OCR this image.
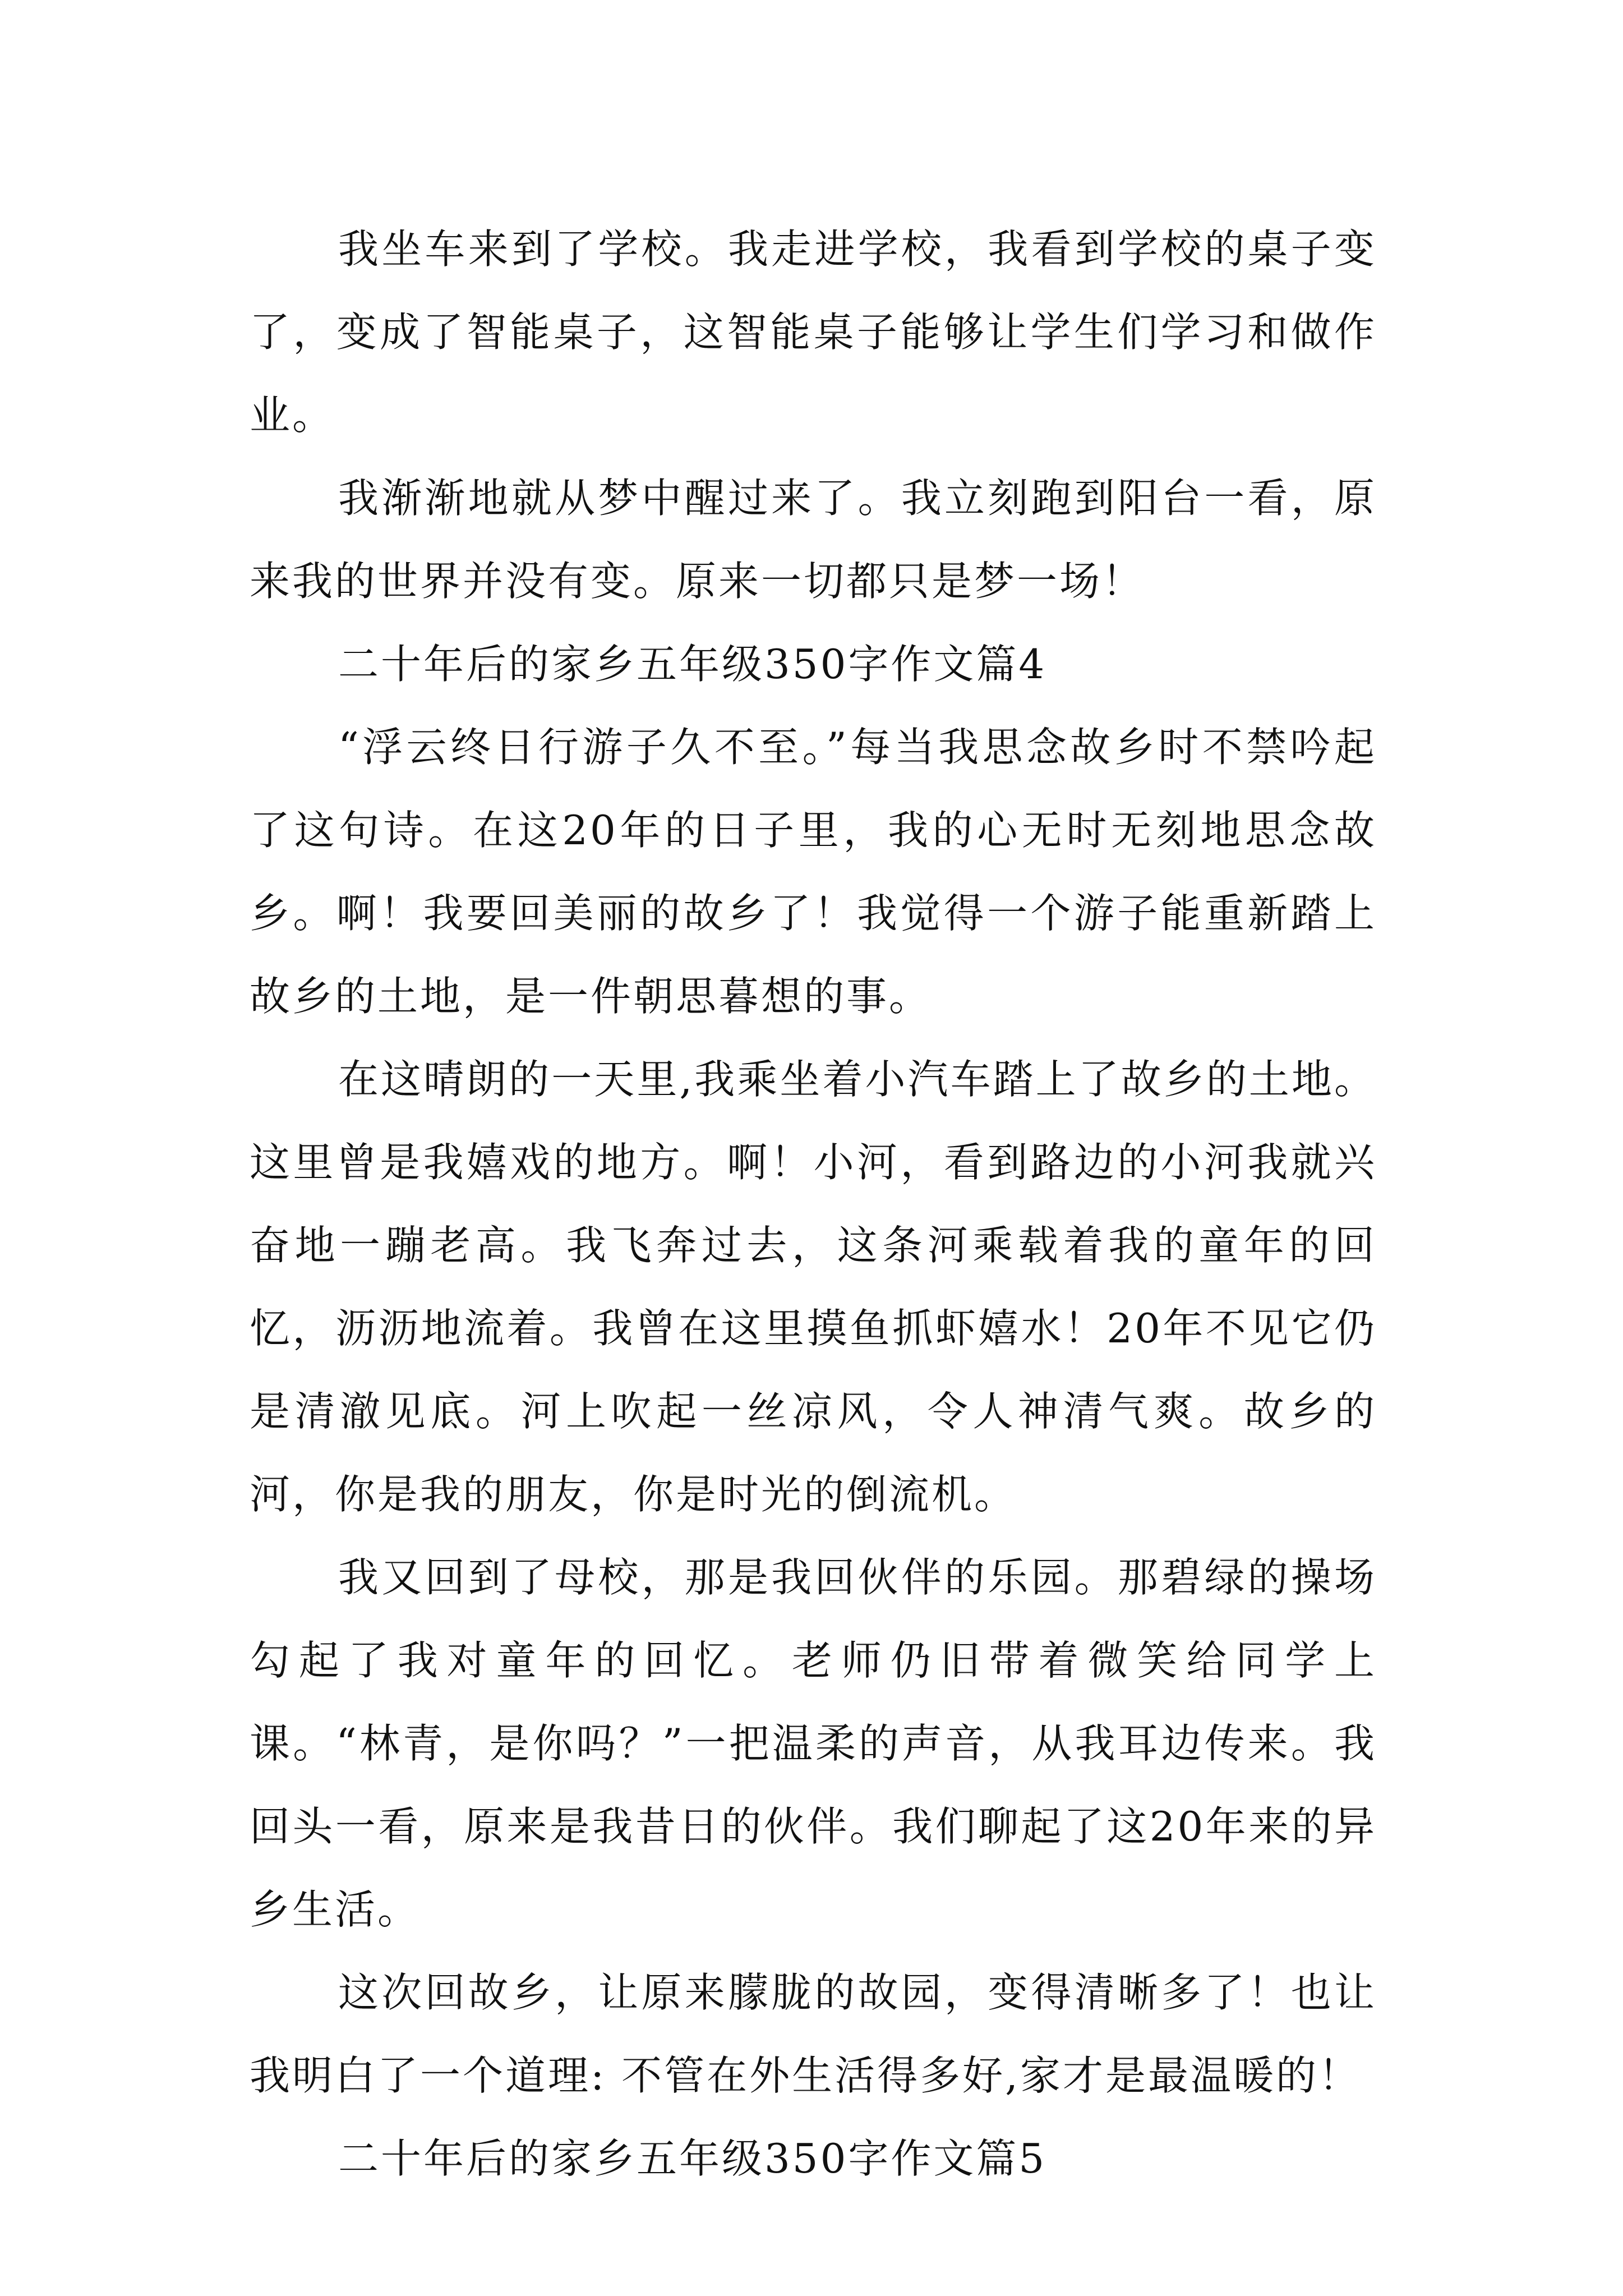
我坐车来到了学校。我走进学校，我看到学校的桌子变了，变成了智能桌子，这智能桌子能够让学生们学习和做作业。

我渐渐地就从梦中醒过来了。我立刻跑到阳台一看，原来我的世界并没有变。原来一切都只是梦一场！

二十年后的家乡五年级350字作文篇4

“浮云终日行游子久不至。”每当我思念故乡时不禁吟起了这句诗。在这20年的日子里，我的心无时无刻地思念故乡。啊！我要回美丽的故乡了！我觉得一个游子能重新踏上故乡的土地，是一件朝思暮想的事。

在这晴朗的一天里,我乘坐着小汽车踏上了故乡的土地。这里曾是我嬉戏的地方。啊！小河，看到路边的小河我就兴奋地一蹦老高。我飞奔过去，这条河乘载着我的童年的回忆，沥沥地流着。我曾在这里摸鱼抓虾嬉水！20年不见它仍是清澈见底。河上吹起一丝凉风，令人神清气爽。故乡的河，你是我的朋友，你是时光的倒流机。

我又回到了母校，那是我回伙伴的乐园。那碧绿的操场勾起了我对童年的回忆。老师仍旧带着微笑给同学上课。“林青，是你吗？”一把温柔的声音，从我耳边传来。我回头一看，原来是我昔日的伙伴。我们聊起了这20年来的异乡生活。

这次回故乡，让原来朦胧的故园，变得清晰多了！也让我明白了一个道理: 不管在外生活得多好,家才是最温暖的！

二十年后的家乡五年级350字作文篇5
